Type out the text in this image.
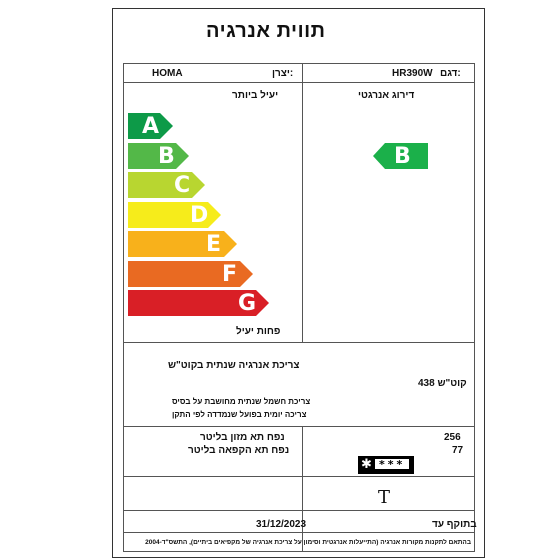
תווית אנרגיה
HOMA	יצרן:	HR390W דגם:
יעיל ביותר
פחות יעיל
A
B
C
D
E
F
G
דירוג אנרגטי
B
צריכת אנרגיה שנתית בקוט"ש
438 קוט"ש
צריכת חשמל שנתית מחושבת על בסיס
צריכה יומית בפועל שנמדדה לפי התקן
נפח תא מזון בליטר	256
נפח תא הקפאה בליטר	77
✱ ***
T
31/12/2023	בתוקף עד
בהתאם לתקנות מקורות אנרגיה (התייעלות אנרגטית וסימון על צריכת אנרגיה של מקפיאים ביתיים), התשס"ד-2004
